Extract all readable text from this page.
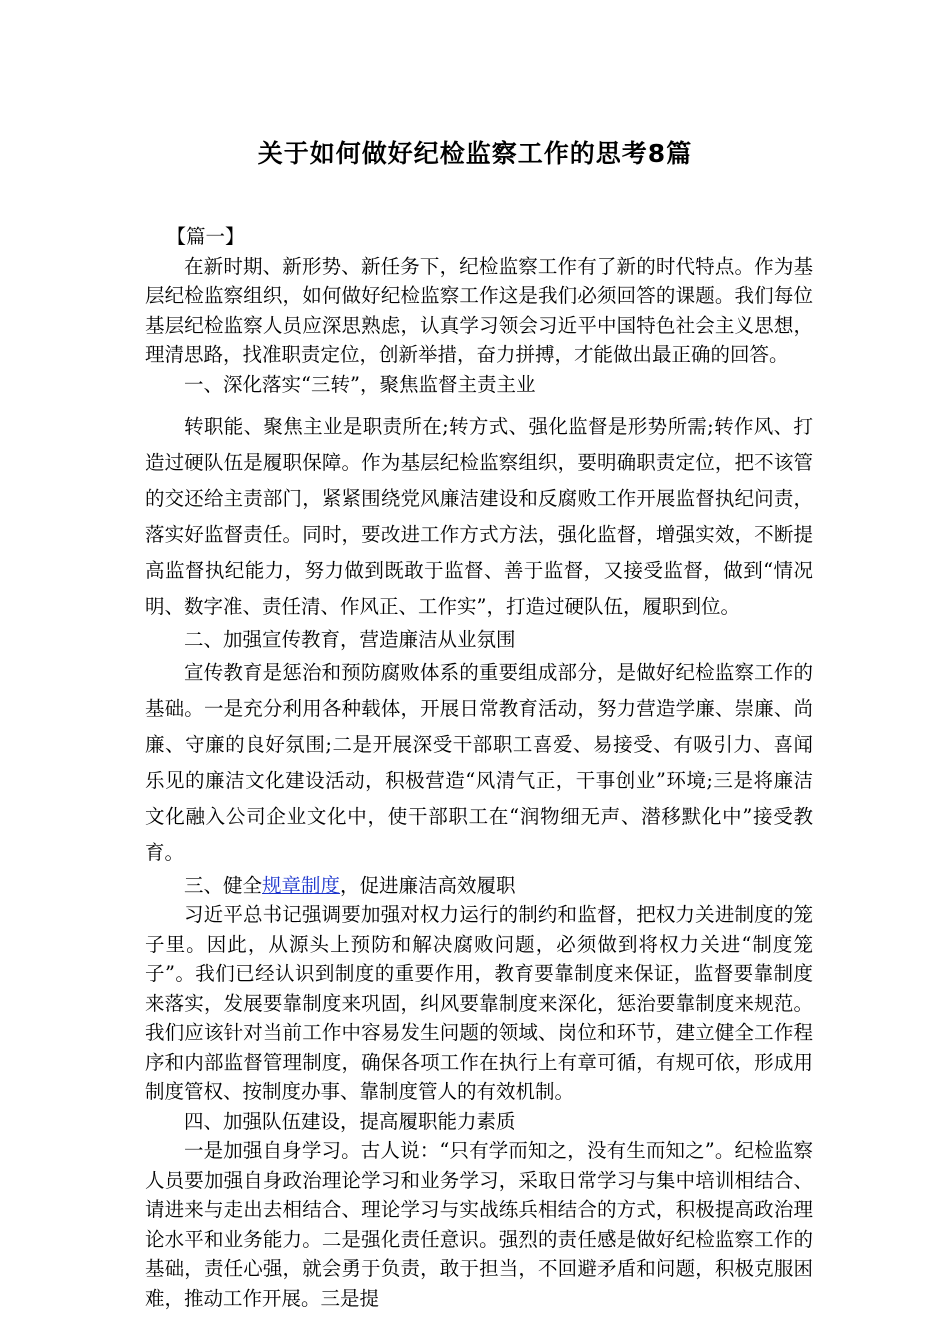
关于如何做好纪检监察工作的思考8篇

【篇一】

在新时期、新形势、新任务下，纪检监察工作有了新的时代特点。作为基层纪检监察组织，如何做好纪检监察工作这是我们必须回答的课题。我们每位基层纪检监察人员应深思熟虑，认真学习领会习近平中国特色社会主义思想，理清思路，找准职责定位，创新举措，奋力拼搏，才能做出最正确的回答。

一、深化落实“三转”，聚焦监督主责主业

转职能、聚焦主业是职责所在;转方式、强化监督是形势所需;转作风、打造过硬队伍是履职保障。作为基层纪检监察组织，要明确职责定位，把不该管的交还给主责部门，紧紧围绕党风廉洁建设和反腐败工作开展监督执纪问责，落实好监督责任。同时，要改进工作方式方法，强化监督，增强实效，不断提高监督执纪能力，努力做到既敢于监督、善于监督，又接受监督，做到“情况明、数字准、责任清、作风正、工作实”，打造过硬队伍，履职到位。

二、加强宣传教育，营造廉洁从业氛围

宣传教育是惩治和预防腐败体系的重要组成部分，是做好纪检监察工作的基础。一是充分利用各种载体，开展日常教育活动，努力营造学廉、崇廉、尚廉、守廉的良好氛围;二是开展深受干部职工喜爱、易接受、有吸引力、喜闻乐见的廉洁文化建设活动，积极营造“风清气正，干事创业”环境;三是将廉洁文化融入公司企业文化中，使干部职工在“润物细无声、潜移默化中”接受教育。

三、健全规章制度，促进廉洁高效履职

习近平总书记强调要加强对权力运行的制约和监督，把权力关进制度的笼子里。因此，从源头上预防和解决腐败问题，必须做到将权力关进“制度笼子”。我们已经认识到制度的重要作用，教育要靠制度来保证，监督要靠制度来落实，发展要靠制度来巩固，纠风要靠制度来深化，惩治要靠制度来规范。我们应该针对当前工作中容易发生问题的领域、岗位和环节，建立健全工作程序和内部监督管理制度，确保各项工作在执行上有章可循，有规可依，形成用制度管权、按制度办事、靠制度管人的有效机制。

四、加强队伍建设，提高履职能力素质

一是加强自身学习。古人说：“只有学而知之，没有生而知之”。纪检监察人员要加强自身政治理论学习和业务学习，采取日常学习与集中培训相结合、请进来与走出去相结合、理论学习与实战练兵相结合的方式，积极提高政治理论水平和业务能力。二是强化责任意识。强烈的责任感是做好纪检监察工作的基础，责任心强，就会勇于负责，敢于担当，不回避矛盾和问题，积极克服困难，推动工作开展。三是提
